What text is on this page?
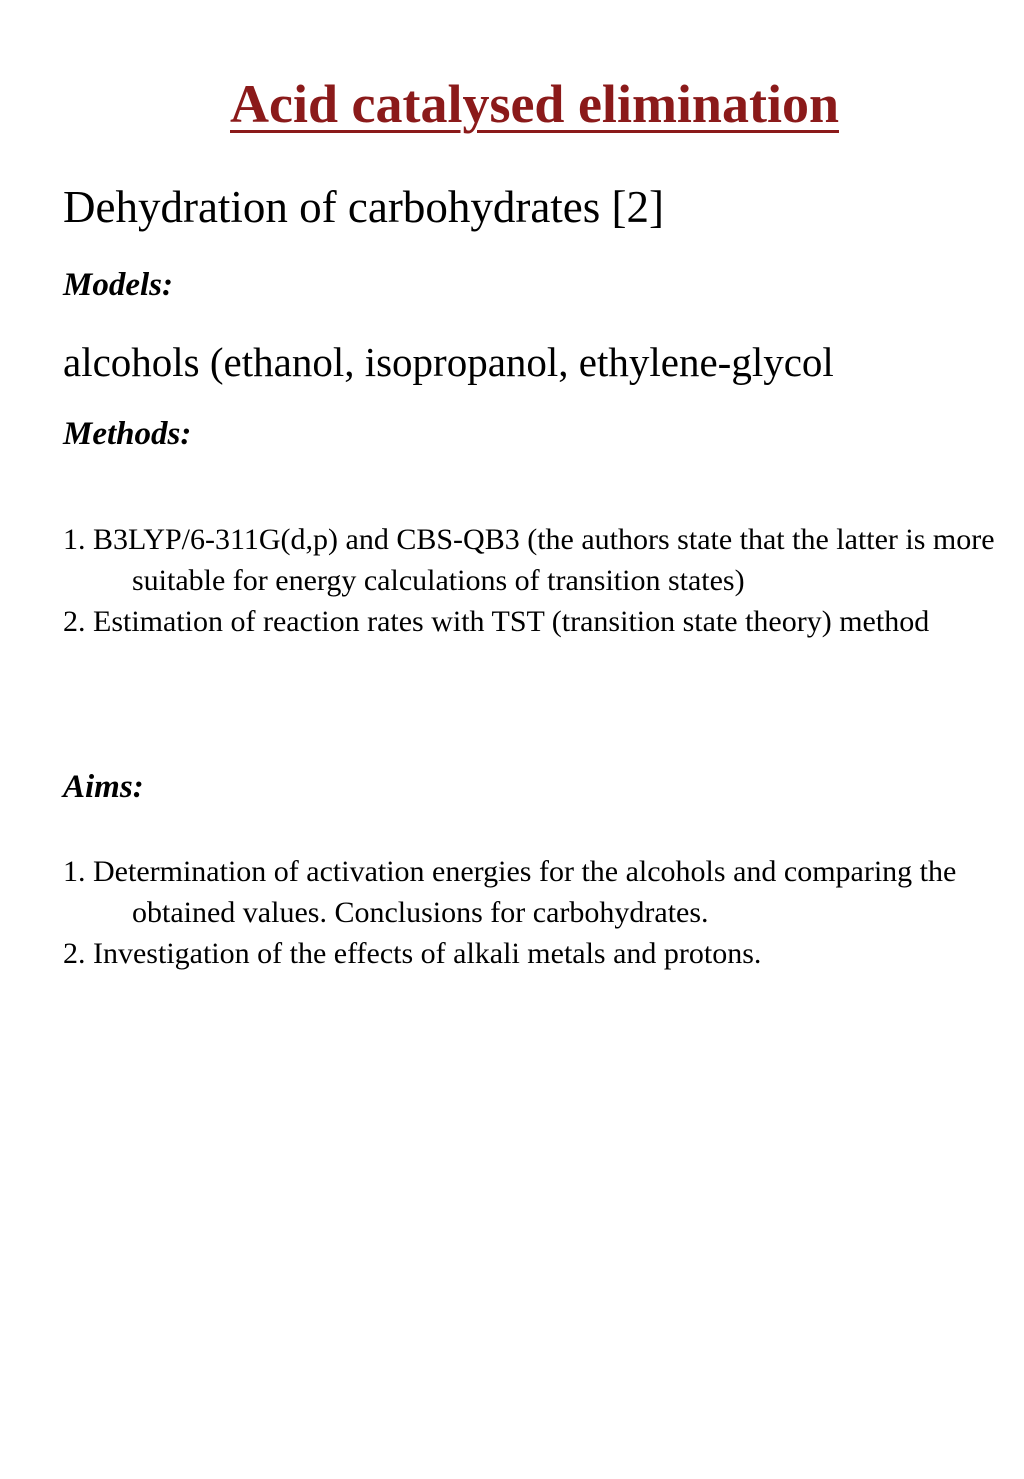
Acid catalysed elimination
Dehydration of carbohydrates [2]
Models:

alcohols (ethanol, isopropanol, ethylene-glycol

Methods:
1. B3LYP/6-311G(d,p) and CBS-QB3 (the authors state that the latter is more suitable for energy calculations of transition states)
2. Estimation of reaction rates with TST (transition state theory) method
Aims:
1. Determination of activation energies for the alcohols and comparing the obtained values. Conclusions for carbohydrates.
2. Investigation of the effects of alkali metals and protons.
